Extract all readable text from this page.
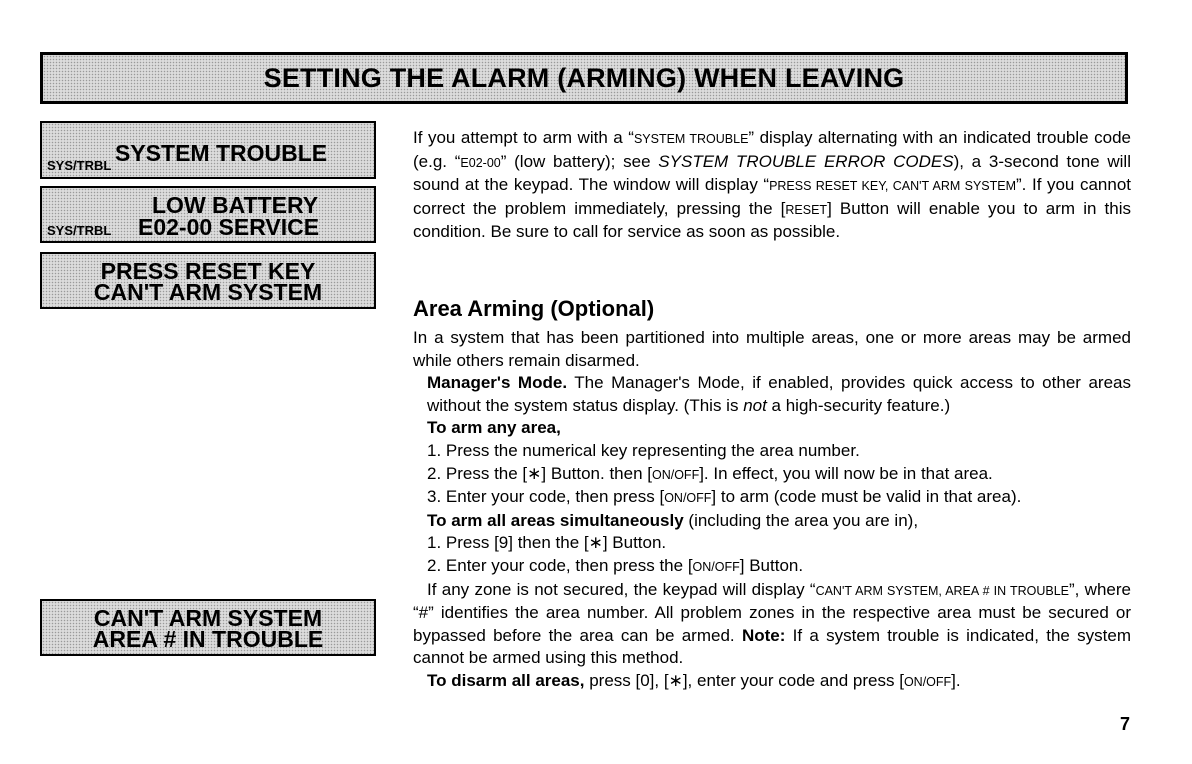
SETTING THE ALARM (ARMING) WHEN LEAVING
SYSTEM TROUBLE
SYS/TRBL
LOW BATTERY
SYS/TRBL E02-00 SERVICE
PRESS RESET KEY
CAN'T ARM SYSTEM
CAN'T ARM SYSTEM
AREA # IN TROUBLE

If you attempt to arm with a “SYSTEM TROUBLE” display alternating with an indicated trouble code (e.g. “E02-00” (low battery); see SYSTEM TROUBLE ERROR CODES), a 3-second tone will sound at the keypad. The window will display “PRESS RESET KEY, CAN'T ARM SYSTEM”. If you cannot correct the problem immediately, pressing the [RESET] Button will enable you to arm in this condition. Be sure to call for service as soon as possible.

Area Arming (Optional)

In a system that has been partitioned into multiple areas, one or more areas may be armed while others remain disarmed.

Manager's Mode. The Manager's Mode, if enabled, provides quick access to other areas without the system status display. (This is not a high-security feature.)

To arm any area,

1. Press the numerical key representing the area number.

2. Press the [∗] Button. then [ON/OFF]. In effect, you will now be in that area.

3. Enter your code, then press [ON/OFF] to arm (code must be valid in that area).

To arm all areas simultaneously (including the area you are in),

1. Press [9] then the [∗] Button.

2. Enter your code, then press the [ON/OFF] Button.

If any zone is not secured, the keypad will display “CAN'T ARM SYSTEM, AREA # IN TROUBLE”, where “#” identifies the area number. All problem zones in the respective area must be secured or bypassed before the area can be armed. Note: If a system trouble is indicated, the system cannot be armed using this method.

To disarm all areas, press [0], [∗], enter your code and press [ON/OFF].

7
